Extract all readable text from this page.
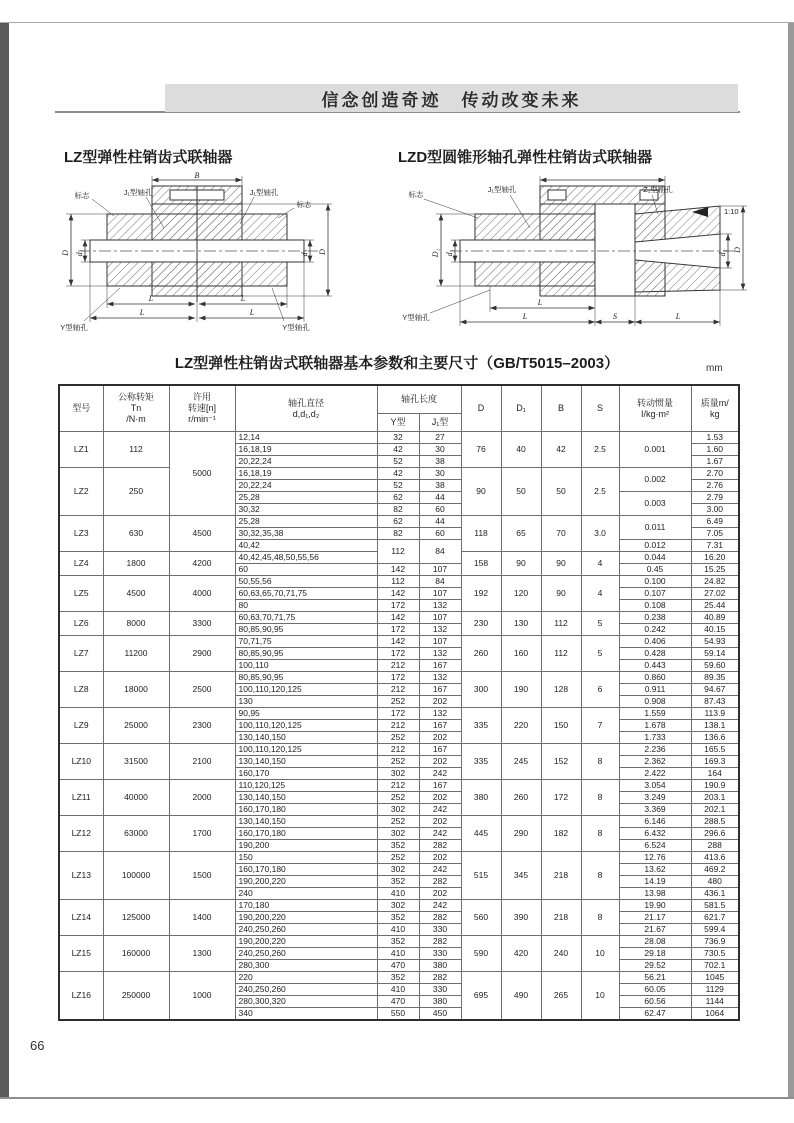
信念创造奇迹　传动改变未来
LZ型弹性柱销齿式联轴器	LZD型圆锥形轴孔弹性柱销齿式联轴器
B
标志	J₁型轴孔	J₁型轴孔
标志
D d₁	d₂ D
L	L
L	L
Y型轴孔	Y型轴孔
标志
J₁型轴孔	Z₁型轴孔
1:10
D₁ d₁	d₂ D
L
L	S	L
Y型轴孔
LZ型弹性柱销齿式联轴器基本参数和主要尺寸（GB/T5015–2003）	mm
型号	公称转矩
Tn
/N·m	许用
转速[n]
r/min⁻¹	轴孔直径
d,d₁,d₂	轴孔长度		D	D₁	B	S	转动惯量
I/kg·m²	质量m/
kg
				Y型	J₁型						
LZ1	112	5000	12,14	32	27	76	40	42	2.5	0.001	1.53
			16,18,19	42	30						1.60
			20,22,24	52	38						1.67
LZ2	250		16,18,19	42	30	90	50	50	2.5	0.002	2.70
			20,22,24	52	38						2.76
			25,28	62	44					0.003	2.79
			30,32	82	60						3.00
LZ3	630	4500	25,28	62	44	118	65	70	3.0	0.011	6.49
			30,32,35,38	82	60						7.05
			40,42	112	84					0.012	7.31
LZ4	1800	4200	40,42,45,48,50,55,56			158	90	90	4	0.044	16.20
			60	142	107					0.45	15.25
LZ5	4500	4000	50,55,56	112	84	192	120	90	4	0.100	24.82
			60,63,65,70,71,75	142	107					0.107	27.02
			80	172	132					0.108	25.44
LZ6	8000	3300	60,63,70,71,75	142	107	230	130	112	5	0.238	40.89
			80,85,90,95	172	132					0.242	40.15
LZ7	11200	2900	70,71,75	142	107	260	160	112	5	0.406	54.93
			80,85,90,95	172	132					0.428	59.14
			100,110	212	167					0.443	59.60
LZ8	18000	2500	80,85,90,95	172	132	300	190	128	6	0.860	89.35
			100,110,120,125	212	167					0.911	94.67
			130	252	202					0.908	87.43
LZ9	25000	2300	90,95	172	132	335	220	150	7	1.559	113.9
			100,110,120,125	212	167					1.678	138.1
			130,140,150	252	202					1.733	136.6
LZ10	31500	2100	100,110,120,125	212	167	335	245	152	8	2.236	165.5
			130,140,150	252	202					2.362	169.3
			160,170	302	242					2.422	164
LZ11	40000	2000	110,120,125	212	167	380	260	172	8	3.054	190.9
			130,140,150	252	202					3.249	203.1
			160,170,180	302	242					3.369	202.1
LZ12	63000	1700	130,140,150	252	202	445	290	182	8	6.146	288.5
			160,170,180	302	242					6.432	296.6
			190,200	352	282					6.524	288
LZ13	100000	1500	150	252	202	515	345	218	8	12.76	413.6
			160,170,180	302	242					13.62	469.2
			190,200,220	352	282					14.19	480
			240	410	202					13.98	436.1
LZ14	125000	1400	170,180	302	242	560	390	218	8	19.90	581.5
			190,200,220	352	282					21.17	621.7
			240,250,260	410	330					21.67	599.4
LZ15	160000	1300	190,200,220	352	282	590	420	240	10	28.08	736.9
			240,250,260	410	330					29.18	730.5
			280,300	470	380					29.52	702.1
LZ16	250000	1000	220	352	282	695	490	265	10	56.21	1045
			240,250,260	410	330					60.05	1129
			280,300,320	470	380					60.56	1144
			340	550	450					62.47	1064
66
